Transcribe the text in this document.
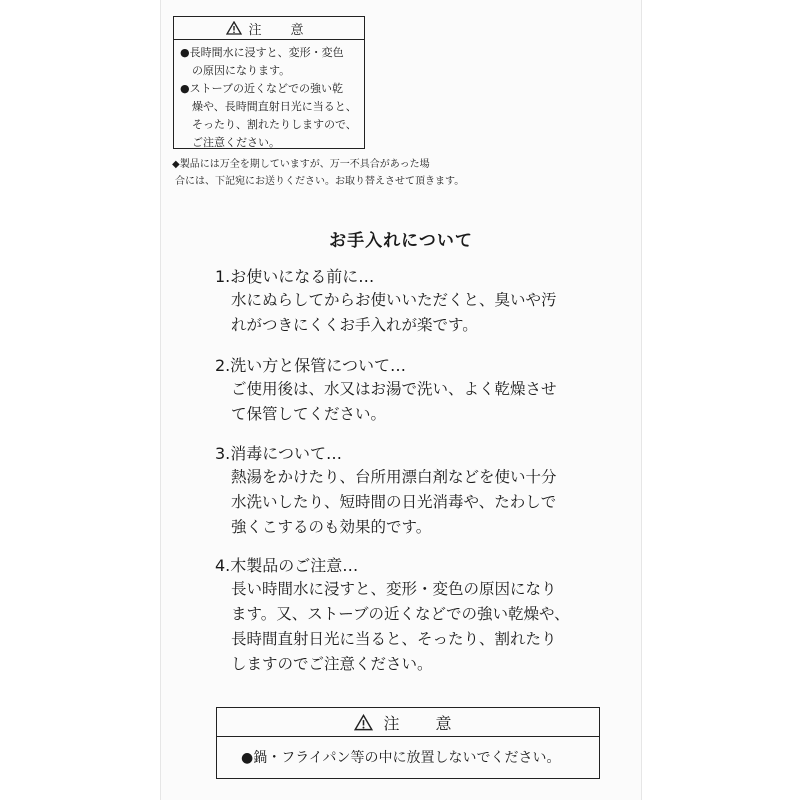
注　意
●長時間水に浸すと、変形・変色
の原因になります。
●ストーブの近くなどでの強い乾
燥や、長時間直射日光に当ると、
そったり、割れたりしますので、
ご注意ください。
◆製品には万全を期していますが、万一不具合があった場
合には、下記宛にお送りください。お取り替えさせて頂きます。
お手入れについて
1.お使いになる前に…
水にぬらしてからお使いいただくと、臭いや汚
れがつきにくくお手入れが楽です。
2.洗い方と保管について…
ご使用後は、水又はお湯で洗い、よく乾燥させ
て保管してください。
3.消毒について…
熱湯をかけたり、台所用漂白剤などを使い十分
水洗いしたり、短時間の日光消毒や、たわしで
強くこするのも効果的です。
4.木製品のご注意…
長い時間水に浸すと、変形・変色の原因になり
ます。又、ストーブの近くなどでの強い乾燥や、
長時間直射日光に当ると、そったり、割れたり
しますのでご注意ください。
注　意
●鍋・フライパン等の中に放置しないでください。
